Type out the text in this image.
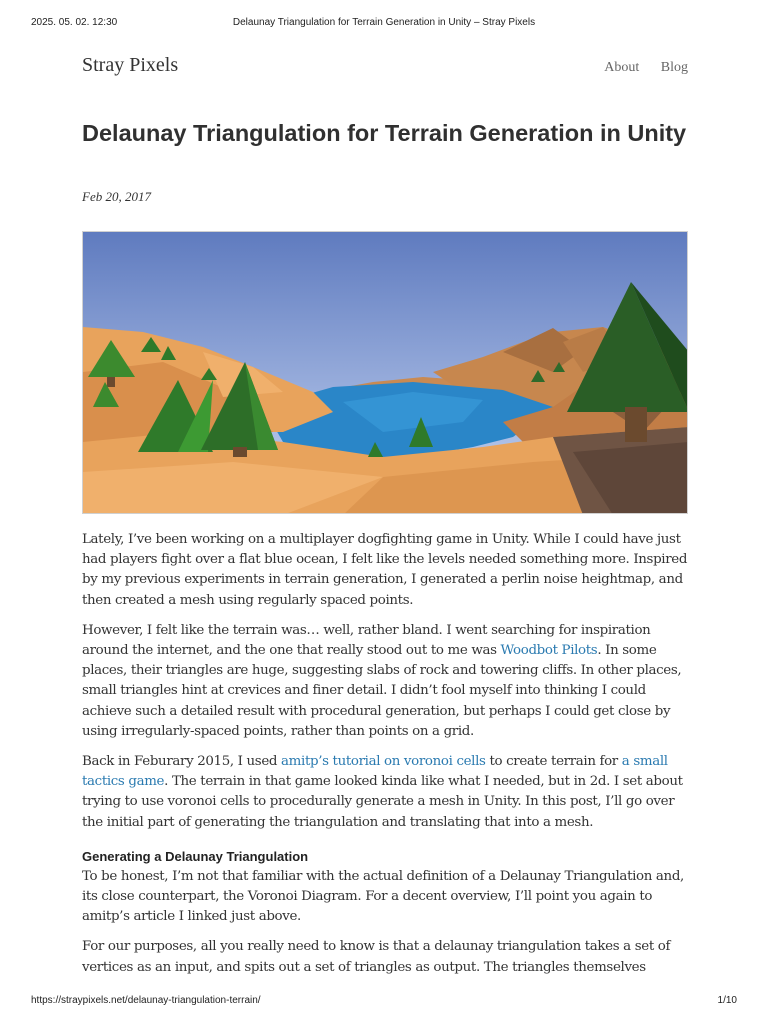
2025. 05. 02. 12:30	Delaunay Triangulation for Terrain Generation in Unity – Stray Pixels
Stray Pixels	About Blog
Delaunay Triangulation for Terrain Generation in Unity
Feb 20, 2017

Lately, I’ve been working on a multiplayer dogfighting game in Unity. While I could have just had players fight over a flat blue ocean, I felt like the levels needed something more. Inspired by my previous experiments in terrain generation, I generated a perlin noise heightmap, and then created a mesh using regularly spaced points.

However, I felt like the terrain was… well, rather bland. I went searching for inspiration around the internet, and the one that really stood out to me was Woodbot Pilots. In some places, their triangles are huge, suggesting slabs of rock and towering cliffs. In other places, small triangles hint at crevices and finer detail. I didn’t fool myself into thinking I could achieve such a detailed result with procedural generation, but perhaps I could get close by using irregularly-spaced points, rather than points on a grid.

Back in Feburary 2015, I used amitp’s tutorial on voronoi cells to create terrain for a small tactics game. The terrain in that game looked kinda like what I needed, but in 2d. I set about trying to use voronoi cells to procedurally generate a mesh in Unity. In this post, I’ll go over the initial part of generating the triangulation and translating that into a mesh.

Generating a Delaunay Triangulation

To be honest, I’m not that familiar with the actual definition of a Delaunay Triangulation and, its close counterpart, the Voronoi Diagram. For a decent overview, I’ll point you again to amitp’s article I linked just above.

For our purposes, all you really need to know is that a delaunay triangulation takes a set of vertices as an input, and spits out a set of triangles as output. The triangles themselves

https://straypixels.net/delaunay-triangulation-terrain/	1/10
